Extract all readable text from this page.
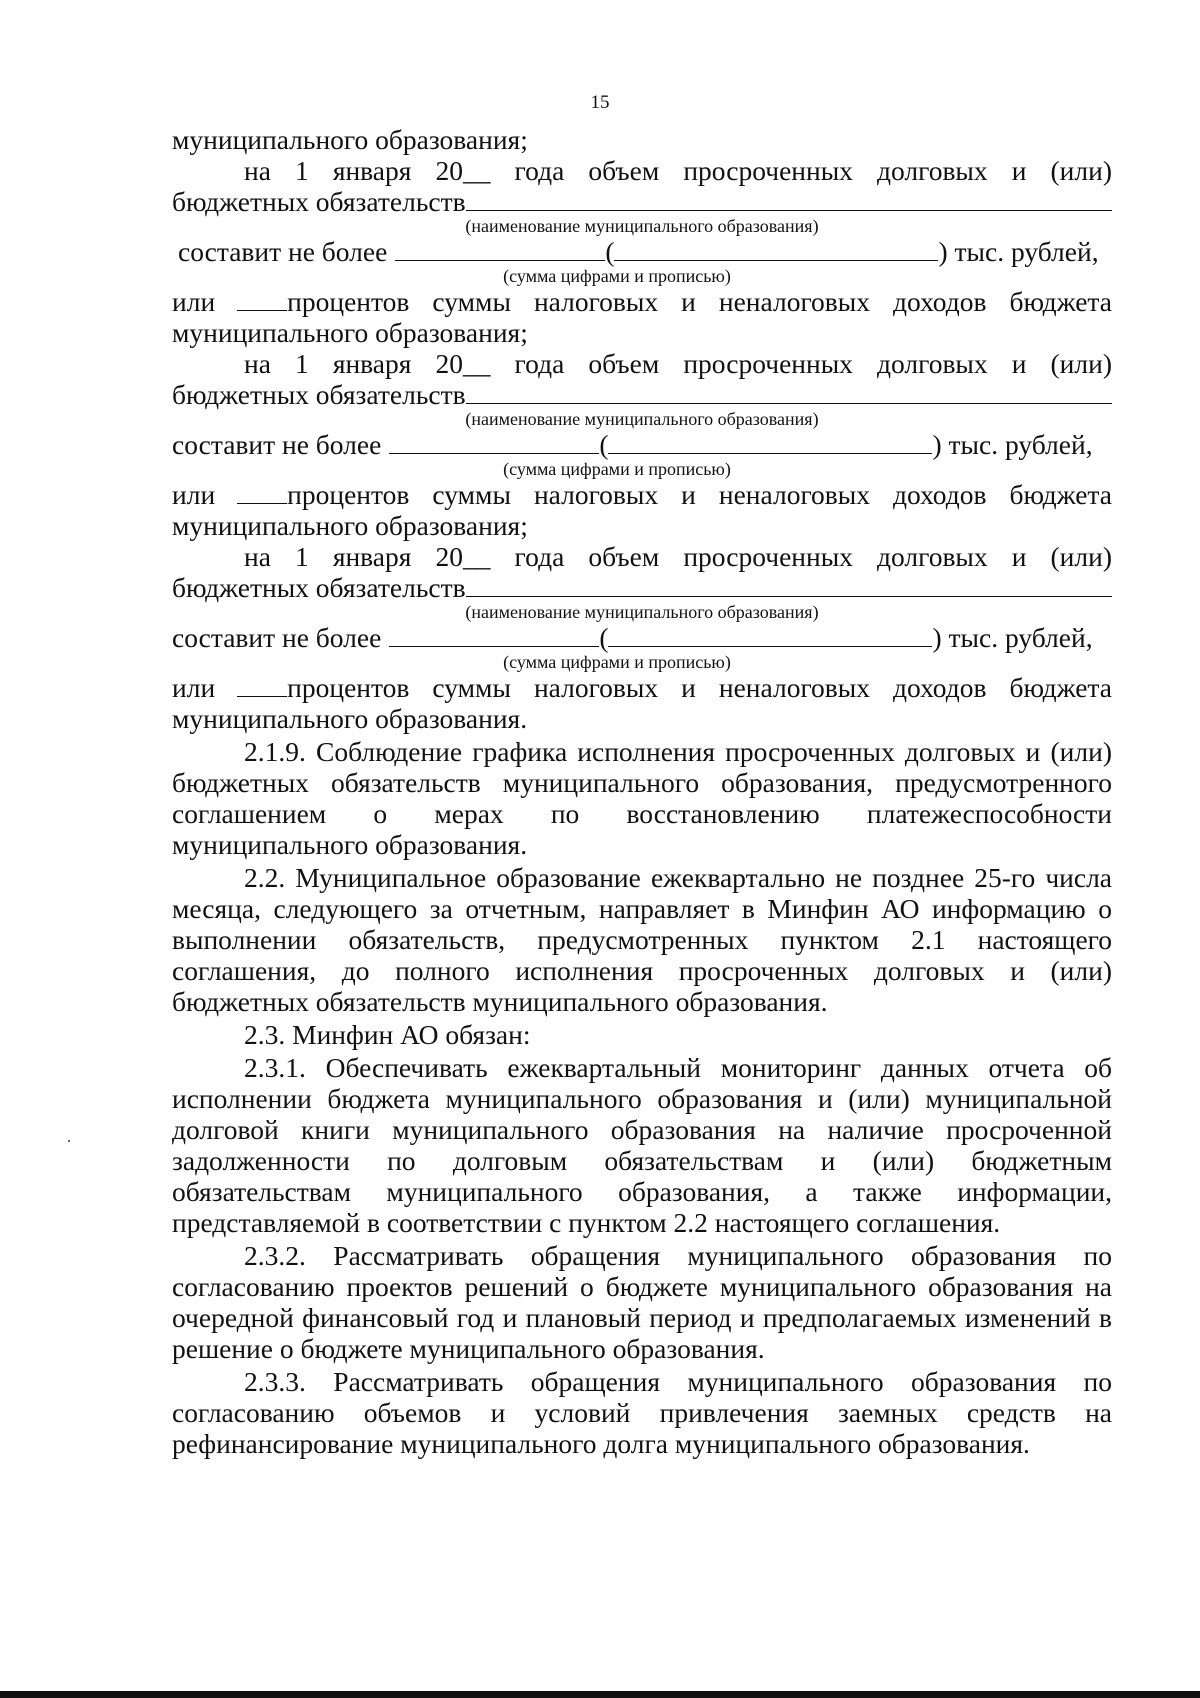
15

муниципального образования;

на 1 января 20__ года объем просроченных долговых и (или)

бюджетных обязательств
(наименование муниципального образования)
составит не более	(	) тыс. рублей,
(сумма цифрами и прописью)
или	процентов суммы налоговых и неналоговых доходов бюджета

муниципального образования;

на 1 января 20__ года объем просроченных долговых и (или)

бюджетных обязательств
(наименование муниципального образования)
составит не более	(	) тыс. рублей,
(сумма цифрами и прописью)
или	процентов суммы налоговых и неналоговых доходов бюджета

муниципального образования;

на 1 января 20__ года объем просроченных долговых и (или)

бюджетных обязательств
(наименование муниципального образования)
составит не более	(	) тыс. рублей,
(сумма цифрами и прописью)
или	процентов суммы налоговых и неналоговых доходов бюджета

муниципального образования.

2.1.9. Соблюдение графика исполнения просроченных долговых и (или) бюджетных обязательств муниципального образования, предусмотренного соглашением о мерах по восстановлению платежеспособности муниципального образования.

2.2. Муниципальное образование ежеквартально не позднее 25-го числа месяца, следующего за отчетным, направляет в Минфин АО информацию о выполнении обязательств, предусмотренных пунктом 2.1 настоящего соглашения, до полного исполнения просроченных долговых и (или) бюджетных обязательств муниципального образования.

2.3. Минфин АО обязан:

2.3.1. Обеспечивать ежеквартальный мониторинг данных отчета об исполнении бюджета муниципального образования и (или) муниципальной долговой книги муниципального образования на наличие просроченной задолженности по долговым обязательствам и (или) бюджетным обязательствам муниципального образования, а также информации, представляемой в соответствии с пунктом 2.2 настоящего соглашения.

2.3.2. Рассматривать обращения муниципального образования по согласованию проектов решений о бюджете муниципального образования на очередной финансовый год и плановый период и предполагаемых изменений в решение о бюджете муниципального образования.

2.3.3. Рассматривать обращения муниципального образования по согласованию объемов и условий привлечения заемных средств на рефинансирование муниципального долга муниципального образования.
